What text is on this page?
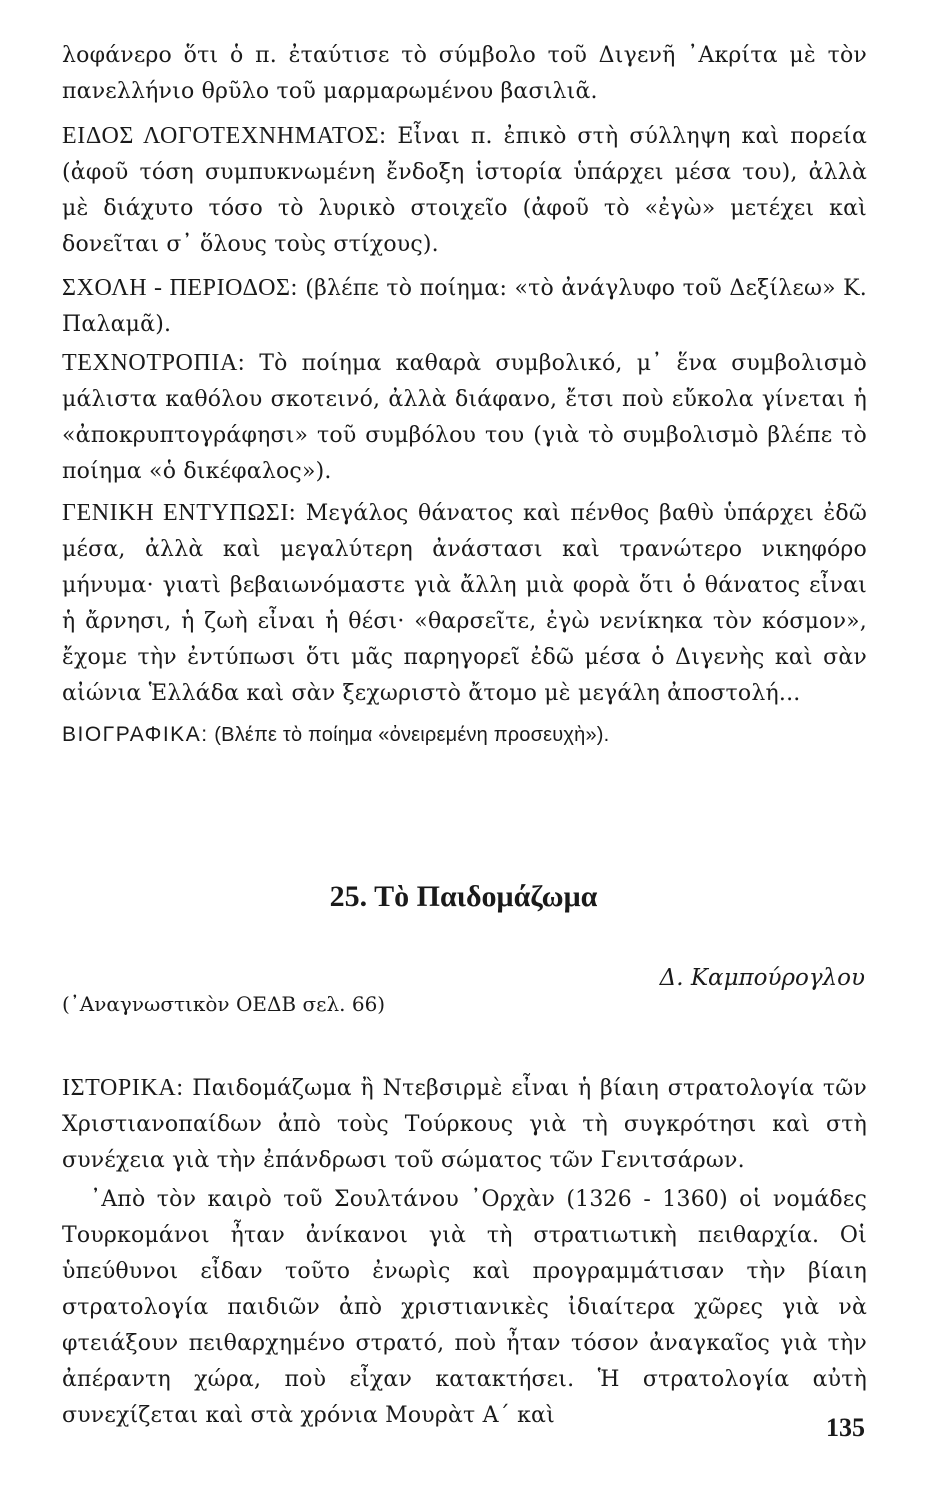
λοφάνερο ὅτι ὁ π. ἐταύτισε τὸ σύμβολο τοῦ Διγενῆ ᾿Ακρίτα μὲ τὸν πανελλήνιο θρῦλο τοῦ μαρμαρωμένου βασιλιᾶ.

ΕΙΔΟΣ ΛΟΓΟΤΕΧΝΗΜΑΤΟΣ: Εἶναι π. ἐπικὸ στὴ σύλληψη καὶ πορεία (ἀφοῦ τόση συμπυκνωμένη ἔνδοξη ἱστορία ὑπάρχει μέσα του), ἀλλὰ μὲ διάχυτο τόσο τὸ λυρικὸ στοιχεῖο (ἀφοῦ τὸ «ἐγὼ» μετέχει καὶ δονεῖται σ᾿ ὅλους τοὺς στίχους).

ΣΧΟΛΗ - ΠΕΡΙΟΔΟΣ: (βλέπε τὸ ποίημα: «τὸ ἀνάγλυφο τοῦ Δεξίλεω» Κ. Παλαμᾶ).

ΤΕΧΝΟΤΡΟΠΙΑ: Τὸ ποίημα καθαρὰ συμβολικό, μ᾿ ἕνα συμβολισμὸ μάλιστα καθόλου σκοτεινό, ἀλλὰ διάφανο, ἔτσι ποὺ εὔκολα γίνεται ἡ «ἀποκρυπτογράφησι» τοῦ συμβόλου του (γιὰ τὸ συμβολισμὸ βλέπε τὸ ποίημα «ὁ δικέφαλος»).

ΓΕΝΙΚΗ ΕΝΤΥΠΩΣΙ: Μεγάλος θάνατος καὶ πένθος βαθὺ ὑπάρχει ἐδῶ μέσα, ἀλλὰ καὶ μεγαλύτερη ἀνάστασι καὶ τρανώτερο νικηφόρο μήνυμα· γιατὶ βεβαιωνόμαστε γιὰ ἄλλη μιὰ φορὰ ὅτι ὁ θάνατος εἶναι ἡ ἄρνησι, ἡ ζωὴ εἶναι ἡ θέσι· «θαρσεῖτε, ἐγὼ νενίκηκα τὸν κόσμον», ἔχομε τὴν ἐντύπωσι ὅτι μᾶς παρηγορεῖ ἐδῶ μέσα ὁ Διγενὴς καὶ σὰν αἰώνια Ἑλλάδα καὶ σὰν ξεχωριστὸ ἄτομο μὲ μεγάλη ἀποστολή...

ΒΙΟΓΡΑΦΙΚΑ: (Βλέπε τὸ ποίημα «ὀνειρεμένη προσευχὴ»).

25. Τὸ Παιδομάζωμα

Δ. Καμπούρογλου

(᾿Αναγνωστικὸν ΟΕΔΒ σελ. 66)

ΙΣΤΟΡΙΚΑ: Παιδομάζωμα ἢ Ντεβσιρμὲ εἶναι ἡ βίαιη στρατολογία τῶν Χριστιανοπαίδων ἀπὸ τοὺς Τούρκους γιὰ τὴ συγκρότησι καὶ στὴ συνέχεια γιὰ τὴν ἐπάνδρωσι τοῦ σώματος τῶν Γενιτσάρων.

᾿Απὸ τὸν καιρὸ τοῦ Σουλτάνου ᾿Ορχὰν (1326 - 1360) οἱ νομάδες Τουρκομάνοι ἦταν ἀνίκανοι γιὰ τὴ στρατιωτικὴ πειθαρχία. Οἱ ὑπεύθυνοι εἶδαν τοῦτο ἐνωρὶς καὶ προγραμμάτισαν τὴν βίαιη στρατολογία παιδιῶν ἀπὸ χριστιανικὲς ἰδιαίτερα χῶρες γιὰ νὰ φτειάξουν πειθαρχημένο στρατό, ποὺ ἦταν τόσον ἀναγκαῖος γιὰ τὴν ἀπέραντη χώρα, ποὺ εἶχαν κατακτήσει. Ἡ στρατολογία αὐτὴ συνεχίζεται καὶ στὰ χρόνια Μουρὰτ Α΄ καὶ	135
